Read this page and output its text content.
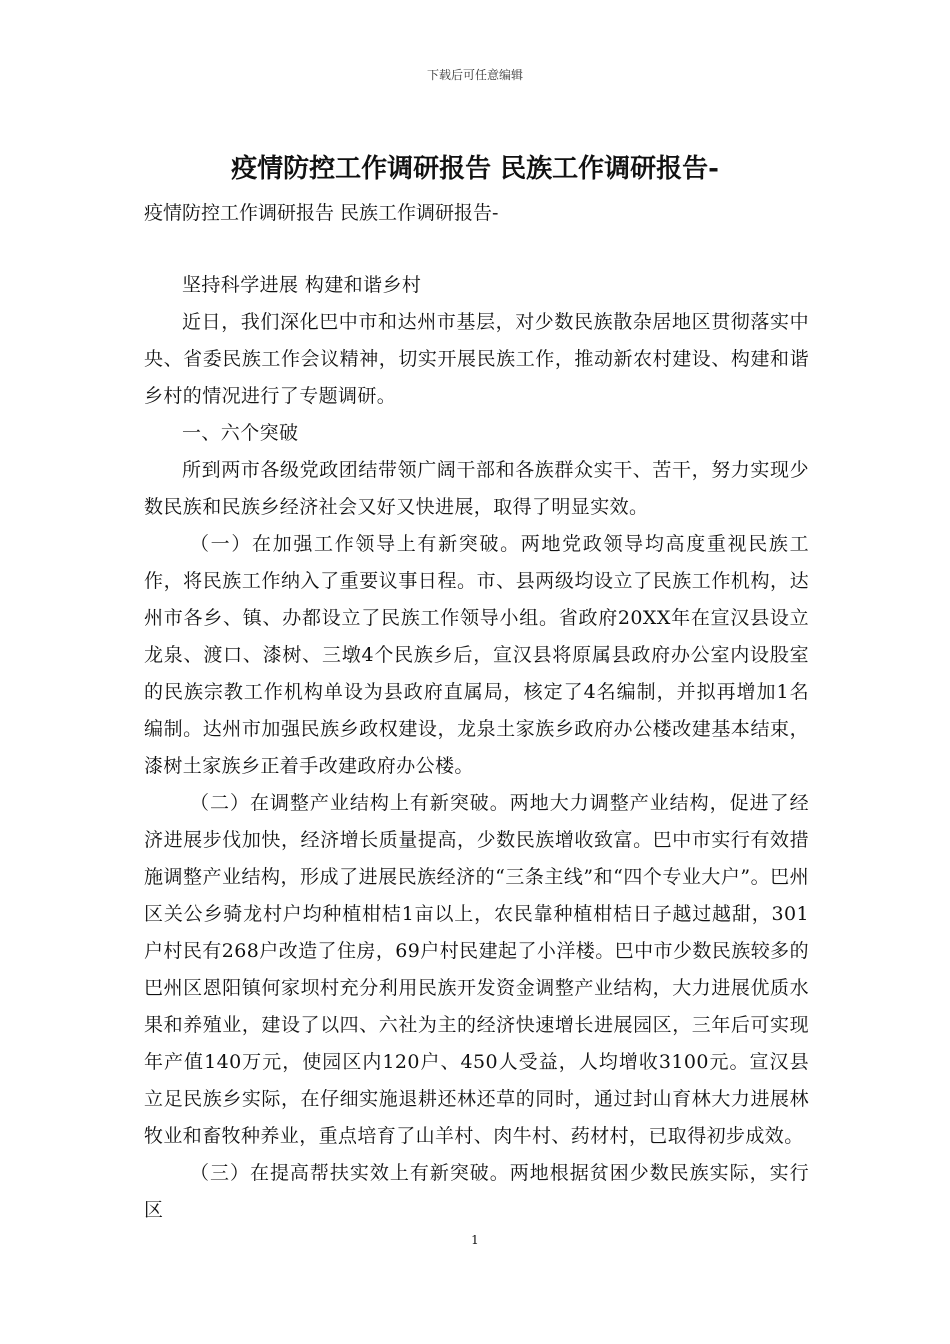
下载后可任意编辑
疫情防控工作调研报告 民族工作调研报告-

疫情防控工作调研报告 民族工作调研报告-

坚持科学进展 构建和谐乡村

近日，我们深化巴中市和达州市基层，对少数民族散杂居地区贯彻落实中央、省委民族工作会议精神，切实开展民族工作，推动新农村建设、构建和谐乡村的情况进行了专题调研。

一、六个突破

所到两市各级党政团结带领广阔干部和各族群众实干、苦干，努力实现少数民族和民族乡经济社会又好又快进展，取得了明显实效。

（一）在加强工作领导上有新突破。两地党政领导均高度重视民族工作，将民族工作纳入了重要议事日程。市、县两级均设立了民族工作机构，达州市各乡、镇、办都设立了民族工作领导小组。省政府20XX年在宣汉县设立龙泉、渡口、漆树、三墩4个民族乡后，宣汉县将原属县政府办公室内设股室的民族宗教工作机构单设为县政府直属局，核定了4名编制，并拟再增加1名编制。达州市加强民族乡政权建设，龙泉土家族乡政府办公楼改建基本结束，漆树土家族乡正着手改建政府办公楼。

（二）在调整产业结构上有新突破。两地大力调整产业结构，促进了经济进展步伐加快，经济增长质量提高，少数民族增收致富。巴中市实行有效措施调整产业结构，形成了进展民族经济的“三条主线”和“四个专业大户”。巴州区关公乡骑龙村户均种植柑桔1亩以上，农民靠种植柑桔日子越过越甜，301户村民有268户改造了住房，69户村民建起了小洋楼。巴中市少数民族较多的巴州区恩阳镇何家坝村充分利用民族开发资金调整产业结构，大力进展优质水果和养殖业，建设了以四、六社为主的经济快速增长进展园区，三年后可实现年产值140万元，使园区内120户、450人受益，人均增收3100元。宣汉县立足民族乡实际，在仔细实施退耕还林还草的同时，通过封山育林大力进展林牧业和畜牧种养业，重点培育了山羊村、肉牛村、药材村，已取得初步成效。

（三）在提高帮扶实效上有新突破。两地根据贫困少数民族实际，实行区

1
